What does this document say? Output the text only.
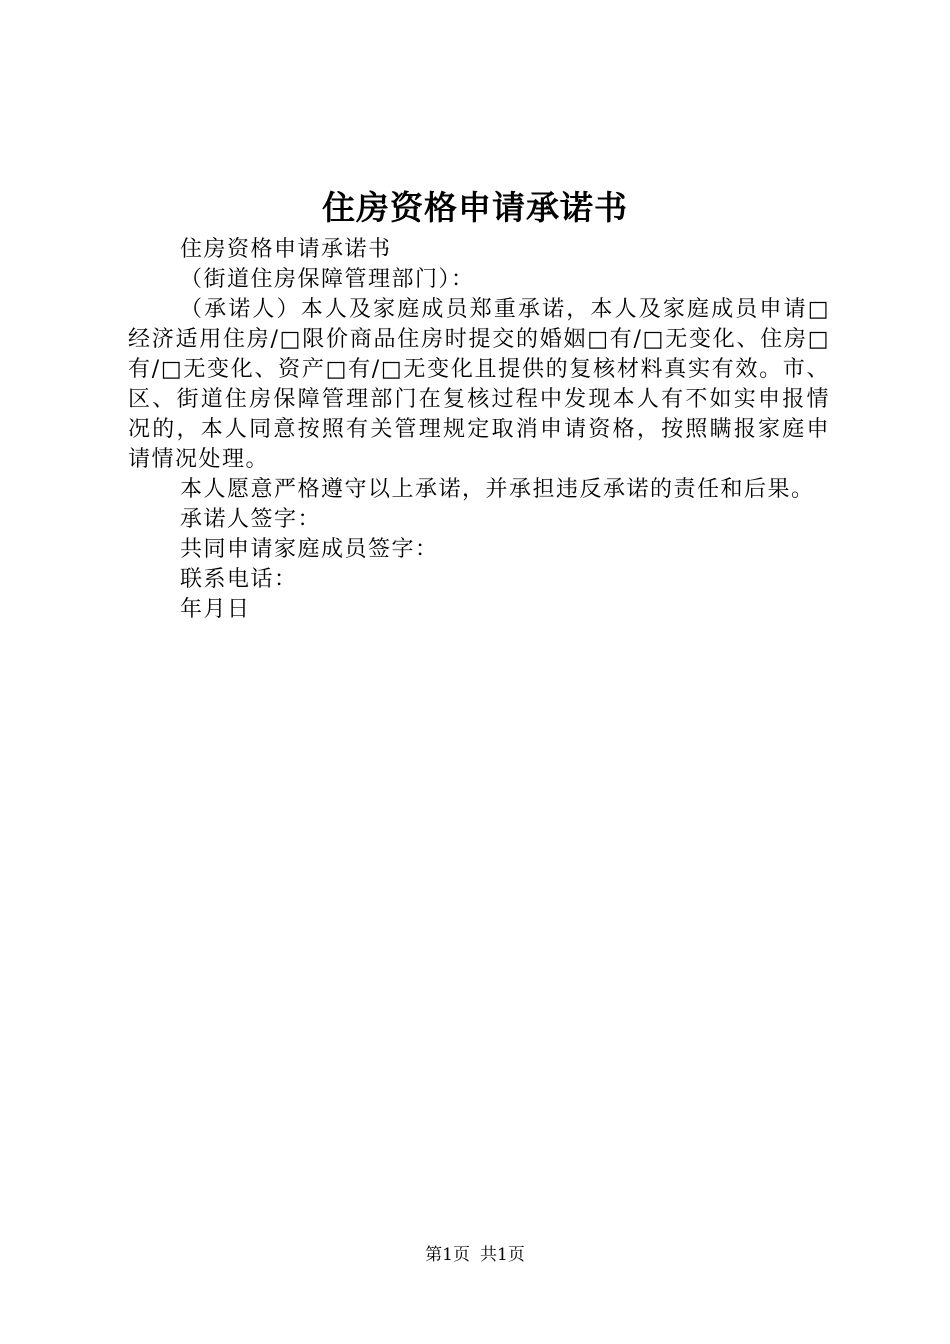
住房资格申请承诺书

住房资格申请承诺书

（街道住房保障管理部门）：

（承诺人）本人及家庭成员郑重承诺，本人及家庭成员申请□经济适用住房/□限价商品住房时提交的婚姻□有/□无变化、住房□有/□无变化、资产□有/□无变化且提供的复核材料真实有效。市、区、街道住房保障管理部门在复核过程中发现本人有不如实申报情况的，本人同意按照有关管理规定取消申请资格，按照瞒报家庭申请情况处理。

本人愿意严格遵守以上承诺，并承担违反承诺的责任和后果。

承诺人签字：

共同申请家庭成员签字：

联系电话：

年月日

第1页 共1页
